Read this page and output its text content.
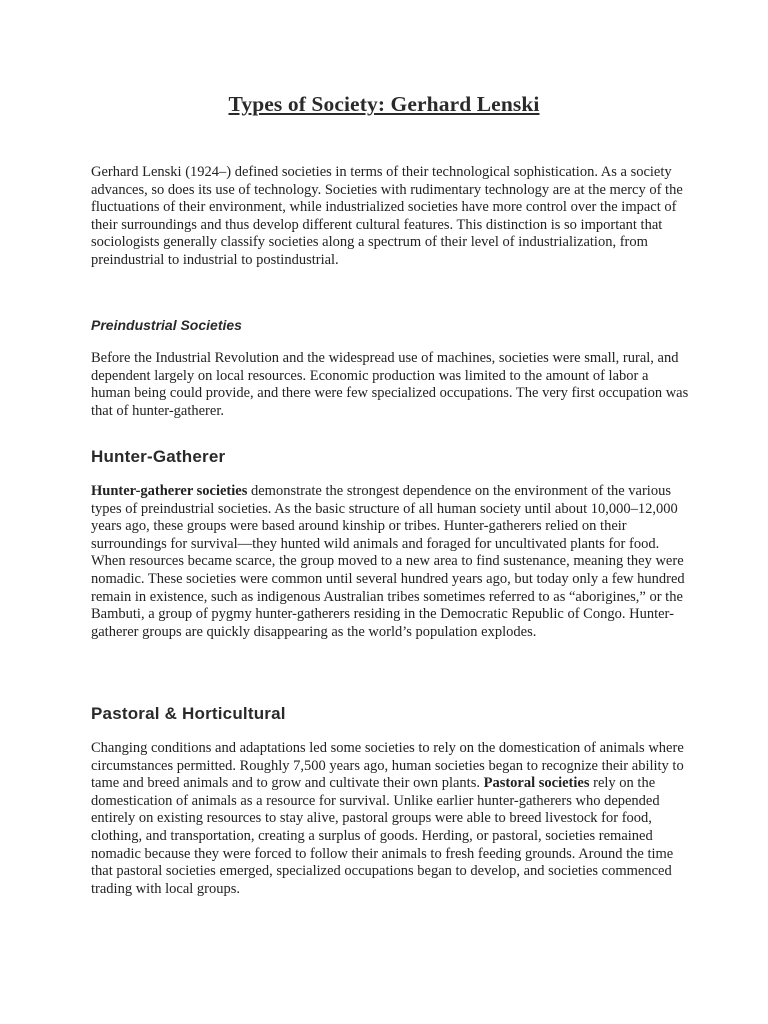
Types of Society: Gerhard Lenski

Gerhard Lenski (1924–) defined societies in terms of their technological sophistication. As a society advances, so does its use of technology. Societies with rudimentary technology are at the mercy of the fluctuations of their environment, while industrialized societies have more control over the impact of their surroundings and thus develop different cultural features. This distinction is so important that sociologists generally classify societies along a spectrum of their level of industrialization, from preindustrial to industrial to postindustrial.

Preindustrial Societies

Before the Industrial Revolution and the widespread use of machines, societies were small, rural, and dependent largely on local resources. Economic production was limited to the amount of labor a human being could provide, and there were few specialized occupations. The very first occupation was that of hunter-gatherer.

Hunter-Gatherer

Hunter-gatherer societies demonstrate the strongest dependence on the environment of the various types of preindustrial societies. As the basic structure of all human society until about 10,000–12,000 years ago, these groups were based around kinship or tribes. Hunter-gatherers relied on their surroundings for survival—they hunted wild animals and foraged for uncultivated plants for food. When resources became scarce, the group moved to a new area to find sustenance, meaning they were nomadic. These societies were common until several hundred years ago, but today only a few hundred remain in existence, such as indigenous Australian tribes sometimes referred to as “aborigines,” or the Bambuti, a group of pygmy hunter-gatherers residing in the Democratic Republic of Congo. Hunter-gatherer groups are quickly disappearing as the world’s population explodes.

Pastoral & Horticultural

Changing conditions and adaptations led some societies to rely on the domestication of animals where circumstances permitted. Roughly 7,500 years ago, human societies began to recognize their ability to tame and breed animals and to grow and cultivate their own plants. Pastoral societies rely on the domestication of animals as a resource for survival. Unlike earlier hunter-gatherers who depended entirely on existing resources to stay alive, pastoral groups were able to breed livestock for food, clothing, and transportation, creating a surplus of goods. Herding, or pastoral, societies remained nomadic because they were forced to follow their animals to fresh feeding grounds. Around the time that pastoral societies emerged, specialized occupations began to develop, and societies commenced trading with local groups.
